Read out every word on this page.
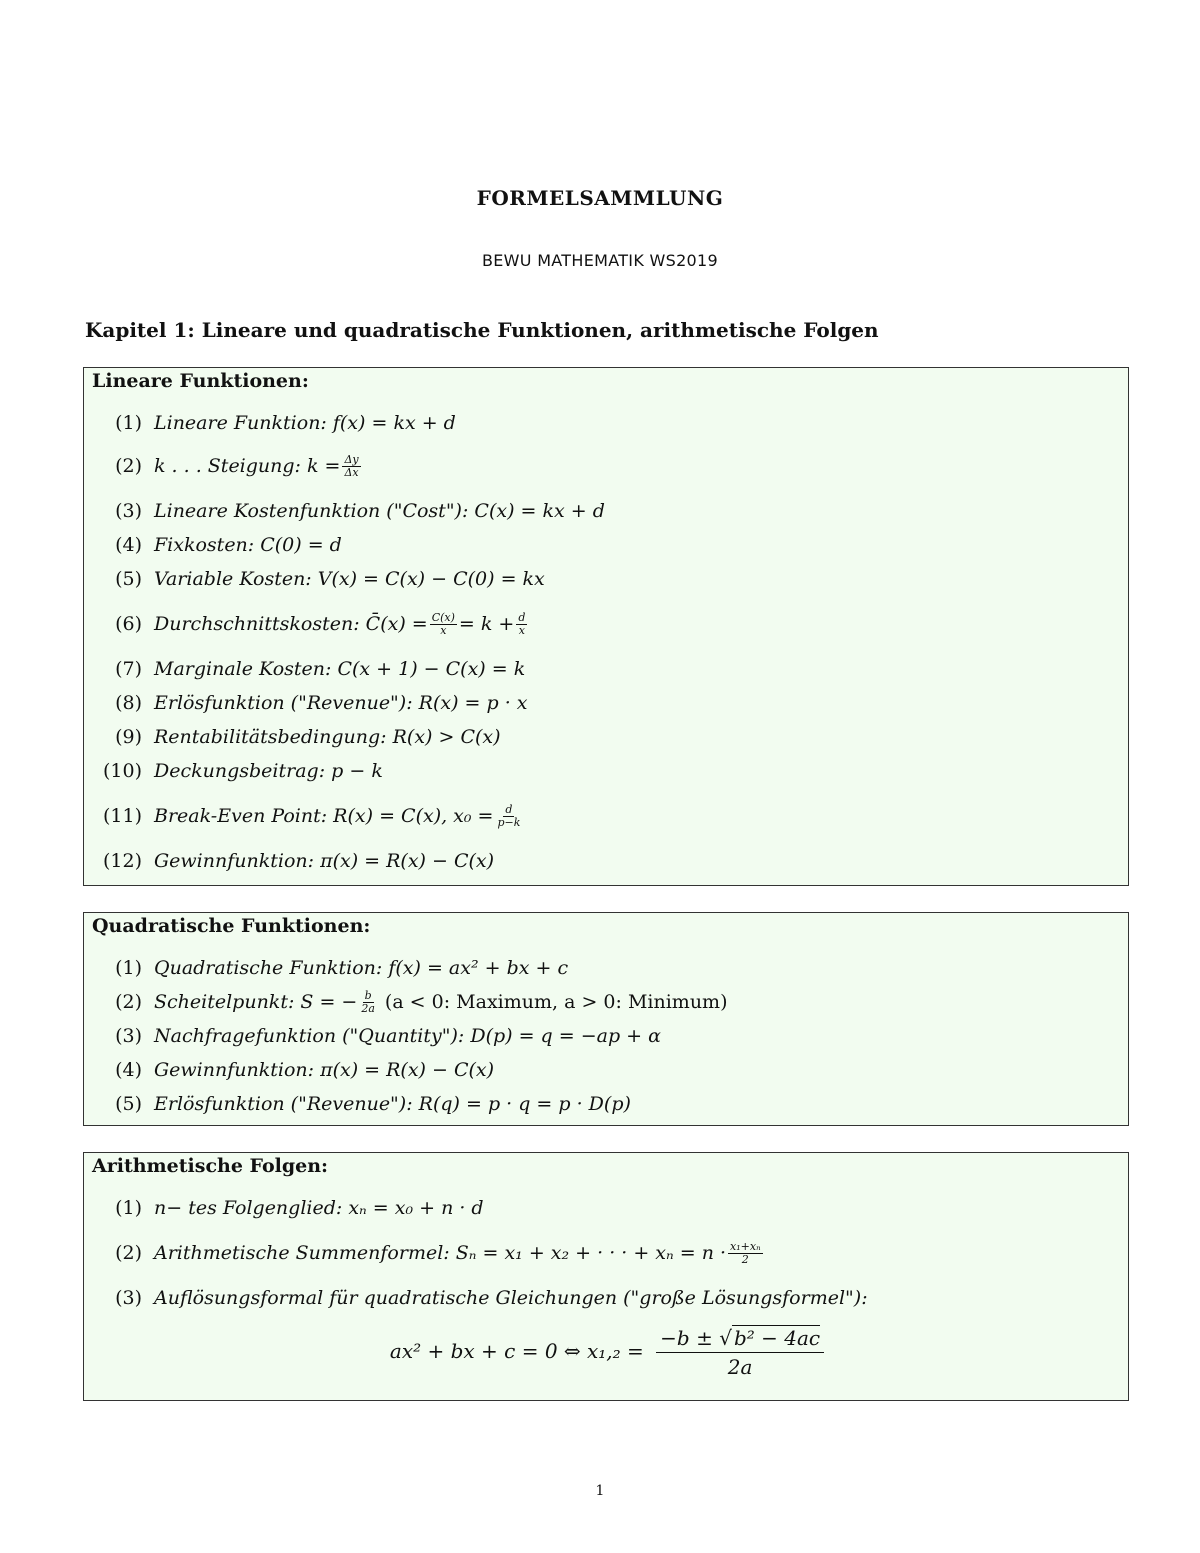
FORMELSAMMLUNG
BEWU MATHEMATIK WS2019
Kapitel 1: Lineare und quadratische Funktionen, arithmetische Folgen
Lineare Funktionen:
(1) Lineare Funktion: f(x) = kx + d
(2) k . . . Steigung: $k = \frac{\Delta y}{\Delta x}$
(3) Lineare Kostenfunktion ("Cost"): C(x) = kx + d
(4) Fixkosten: C(0) = d
(5) Variable Kosten: V(x) = C(x) − C(0) = kx
(6) Durchschnittskosten: C̄(x) = $\frac{C(x)}{x} = k + \frac{d}{x}$
(7) Marginale Kosten: C(x + 1) − C(x) = k
(8) Erlösfunktion ("Revenue"): R(x) = p · x
(9) Rentabilitätsbedingung: R(x) > C(x)
(10) Deckungsbeitrag: p − k
(11) Break-Even Point: R(x) = C(x), $x_0 = \frac{d}{p-k}$
(12) Gewinnfunktion: π(x) = R(x) − C(x)
Quadratische Funktionen:
(1) Quadratische Funktion: f(x) = ax² + bx + c
(2) Scheitelpunkt: S = − $\frac{b}{2a} (a < 0$: Maximum, a > 0: Minimum)
(3) Nachfragefunktion ("Quantity"): D(p) = q = −ap + α
(4) Gewinnfunktion: π(x) = R(x) − C(x)
(5) Erlösfunktion ("Revenue"): R(q) = p · q = p · D(p)
Arithmetische Folgen:
(1) n− tes Folgenglied: xₙ = x₀ + n · d
(2) Arithmetische Summenformel: Sₙ = x₁ + x₂ + · · · + $x_n = n \cdot \frac{\text{x₁+xₙ}}{2}$
(3) Auflösungsformal für quadratische Gleichungen ("große Lösungsformel"):
ax² + bx + c = 0 ⇔ $x_1,_2 = \frac{\text{−b ± √ b² − 4ac}}{2a}$
1
